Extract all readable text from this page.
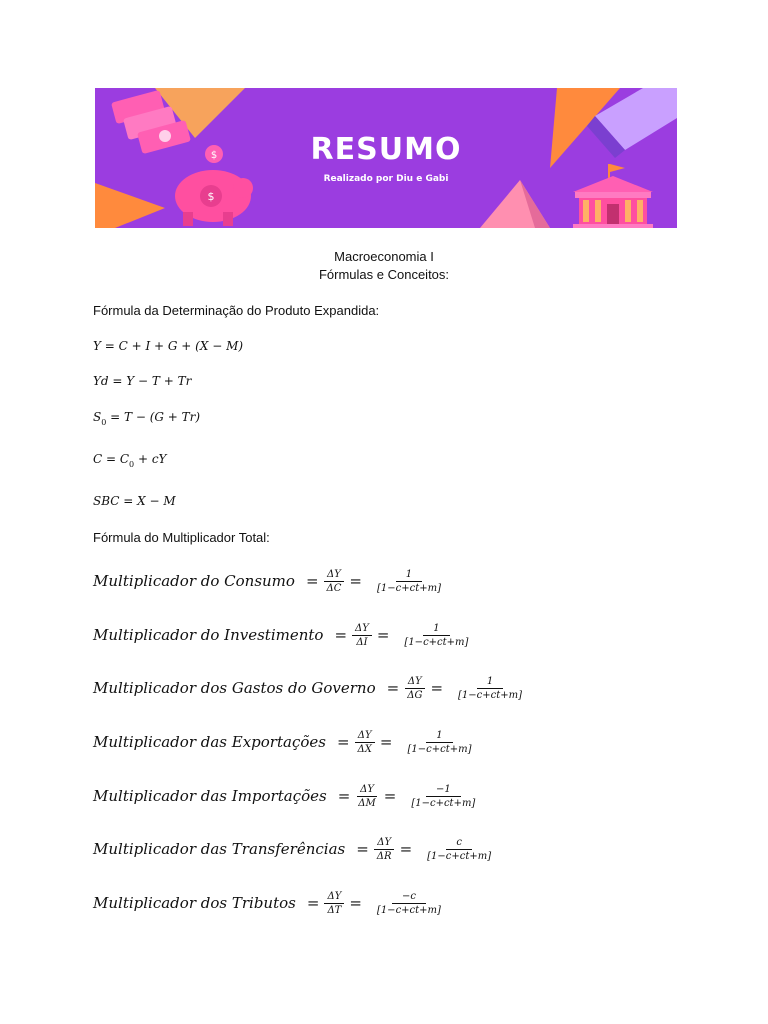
$
$
RESUMO
Realizado por Diu e Gabi
Macroeconomia I
Fórmulas e Conceitos:
Fórmula da Determinação do Produto Expandida:
Y = C + I + G + (X − M)
Yd = Y − T + Tr
$S_0 = T - (G + Tr)$
$C = C_0$ + cY
SBC = X − M
Fórmula do Multiplicador Total:
Multiplicador do Consumo = $\frac{\Delta Y}{\Delta C} = \frac{1}{[1-c+ct+m]}$
Multiplicador do Investimento = $\frac{\Delta Y}{\Delta I} = \frac{1}{[1-c+ct+m]}$
Multiplicador dos Gastos do Governo = $\frac{\Delta Y}{\Delta G} = \frac{1}{[1-c+ct+m]}$
Multiplicador das Exportações = $\frac{\Delta Y}{\Delta X} = \frac{1}{[1-c+ct+m]}$
Multiplicador das Importações = $\frac{\Delta Y}{\Delta M} = \frac{-1}{[1-c+ct+m]}$
Multiplicador das Transferências = $\frac{\Delta Y}{\Delta R} = \frac{c}{[1-c+ct+m]}$
Multiplicador dos Tributos = $\frac{\Delta Y}{\Delta T} = \frac{-c}{[1-c+ct+m]}$
